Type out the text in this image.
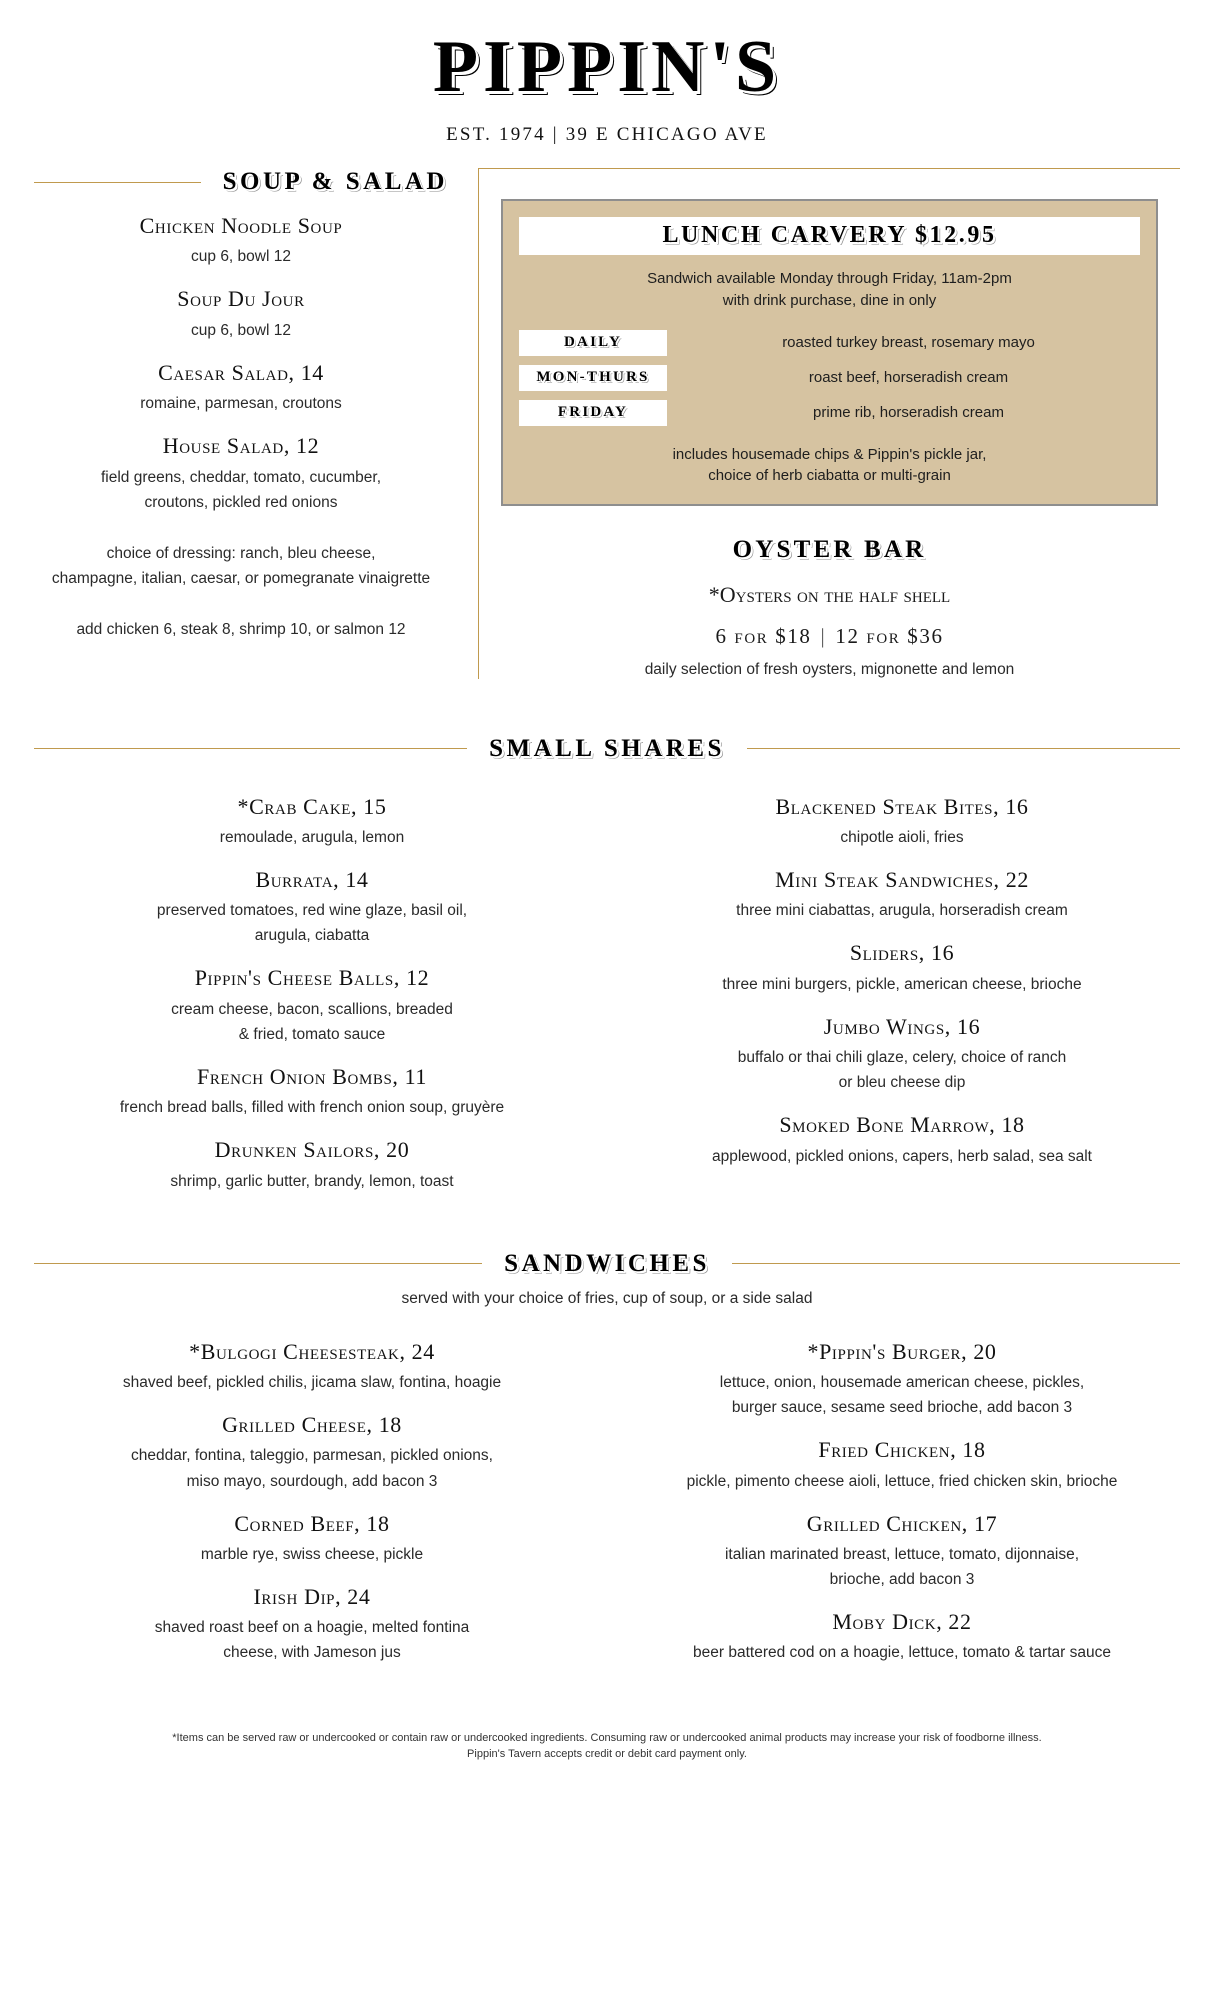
PIPPIN'S
EST. 1974 | 39 E CHICAGO AVE
SOUP & SALAD
Chicken Noodle Soup
cup 6, bowl 12
Soup Du Jour
cup 6, bowl 12
Caesar Salad, 14
romaine, parmesan, croutons
House Salad, 12
field greens, cheddar, tomato, cucumber,
croutons, pickled red onions
choice of dressing: ranch, bleu cheese,
champagne, italian, caesar, or pomegranate vinaigrette
add chicken 6, steak 8, shrimp 10, or salmon 12
LUNCH CARVERY $12.95
Sandwich available Monday through Friday, 11am-2pm
with drink purchase, dine in only
DAILY	roasted turkey breast, rosemary mayo
MON-THURS	roast beef, horseradish cream
FRIDAY	prime rib, horseradish cream
includes housemade chips & Pippin's pickle jar,
choice of herb ciabatta or multi-grain
OYSTER BAR
*Oysters on the half shell
6 for $18 | 12 for $36
daily selection of fresh oysters, mignonette and lemon
SMALL SHARES
*Crab Cake, 15
remoulade, arugula, lemon
Burrata, 14
preserved tomatoes, red wine glaze, basil oil,
arugula, ciabatta
Pippin's Cheese Balls, 12
cream cheese, bacon, scallions, breaded
& fried, tomato sauce
French Onion Bombs, 11
french bread balls, filled with french onion soup, gruyère
Drunken Sailors, 20
shrimp, garlic butter, brandy, lemon, toast
Blackened Steak Bites, 16
chipotle aioli, fries
Mini Steak Sandwiches, 22
three mini ciabattas, arugula, horseradish cream
Sliders, 16
three mini burgers, pickle, american cheese, brioche
Jumbo Wings, 16
buffalo or thai chili glaze, celery, choice of ranch
or bleu cheese dip
Smoked Bone Marrow, 18
applewood, pickled onions, capers, herb salad, sea salt
SANDWICHES
served with your choice of fries, cup of soup, or a side salad
*Bulgogi Cheesesteak, 24
shaved beef, pickled chilis, jicama slaw, fontina, hoagie
Grilled Cheese, 18
cheddar, fontina, taleggio, parmesan, pickled onions,
miso mayo, sourdough, add bacon 3
Corned Beef, 18
marble rye, swiss cheese, pickle
Irish Dip, 24
shaved roast beef on a hoagie, melted fontina
cheese, with Jameson jus
*Pippin's Burger, 20
lettuce, onion, housemade american cheese, pickles,
burger sauce, sesame seed brioche, add bacon 3
Fried Chicken, 18
pickle, pimento cheese aioli, lettuce, fried chicken skin, brioche
Grilled Chicken, 17
italian marinated breast, lettuce, tomato, dijonnaise,
brioche, add bacon 3
Moby Dick, 22
beer battered cod on a hoagie, lettuce, tomato & tartar sauce
*Items can be served raw or undercooked or contain raw or undercooked ingredients. Consuming raw or undercooked animal products may increase your risk of foodborne illness.
Pippin's Tavern accepts credit or debit card payment only.
